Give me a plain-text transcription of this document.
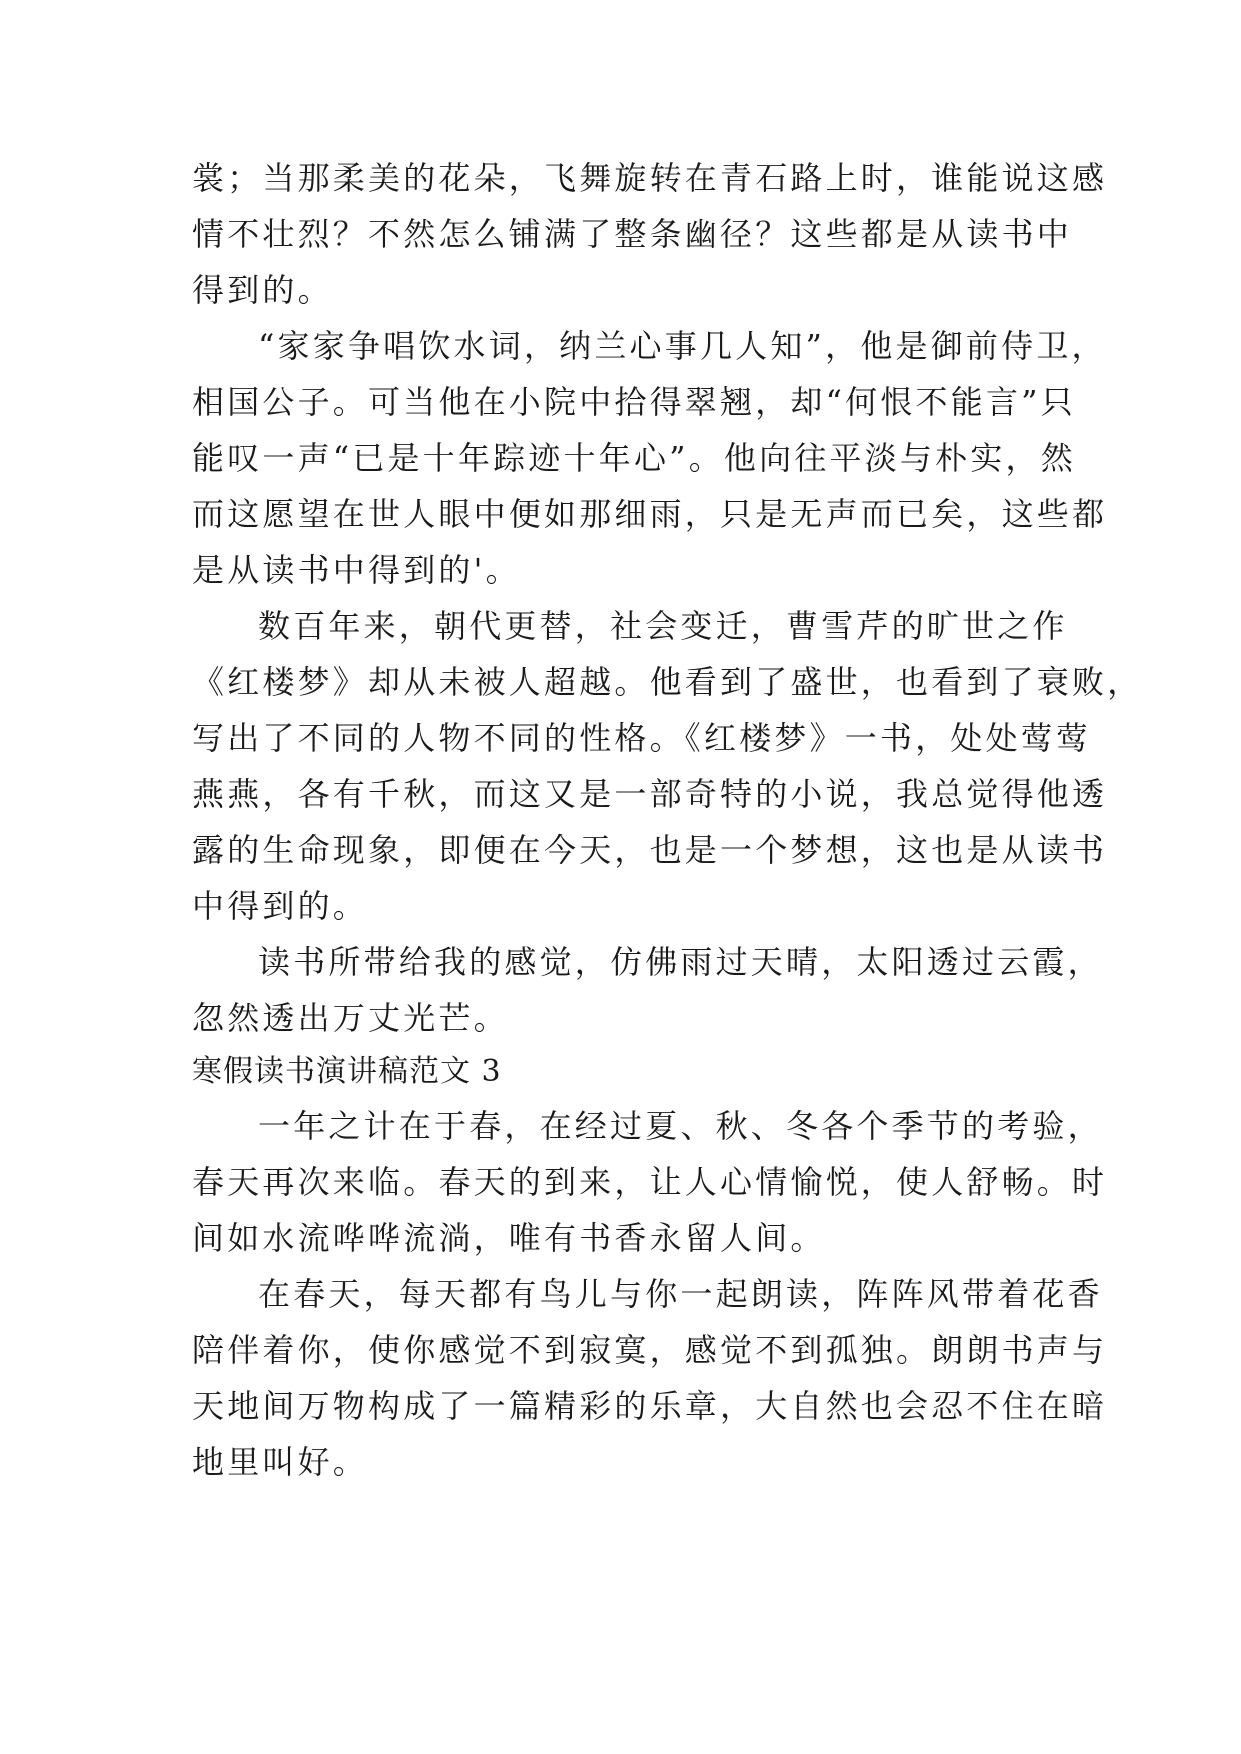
裳；当那柔美的花朵，飞舞旋转在青石路上时，谁能说这感
情不壮烈？不然怎么铺满了整条幽径？这些都是从读书中
得到的。
“家家争唱饮水词，纳兰心事几人知”，他是御前侍卫，
相国公子。可当他在小院中拾得翠翘，却“何恨不能言”只
能叹一声“已是十年踪迹十年心”。他向往平淡与朴实，然
而这愿望在世人眼中便如那细雨，只是无声而已矣，这些都
是从读书中得到的'。
数百年来，朝代更替，社会变迁，曹雪芹的旷世之作
《红楼梦》却从未被人超越。他看到了盛世，也看到了衰败，
写出了不同的人物不同的性格。《红楼梦》一书，处处莺莺
燕燕，各有千秋，而这又是一部奇特的小说，我总觉得他透
露的生命现象，即便在今天，也是一个梦想，这也是从读书
中得到的。
读书所带给我的感觉，仿佛雨过天晴，太阳透过云霞，
忽然透出万丈光芒。
寒假读书演讲稿范文 3
一年之计在于春，在经过夏、秋、冬各个季节的考验，
春天再次来临。春天的到来，让人心情愉悦，使人舒畅。时
间如水流哗哗流淌，唯有书香永留人间。
在春天，每天都有鸟儿与你一起朗读，阵阵风带着花香
陪伴着你，使你感觉不到寂寞，感觉不到孤独。朗朗书声与
天地间万物构成了一篇精彩的乐章，大自然也会忍不住在暗
地里叫好。
